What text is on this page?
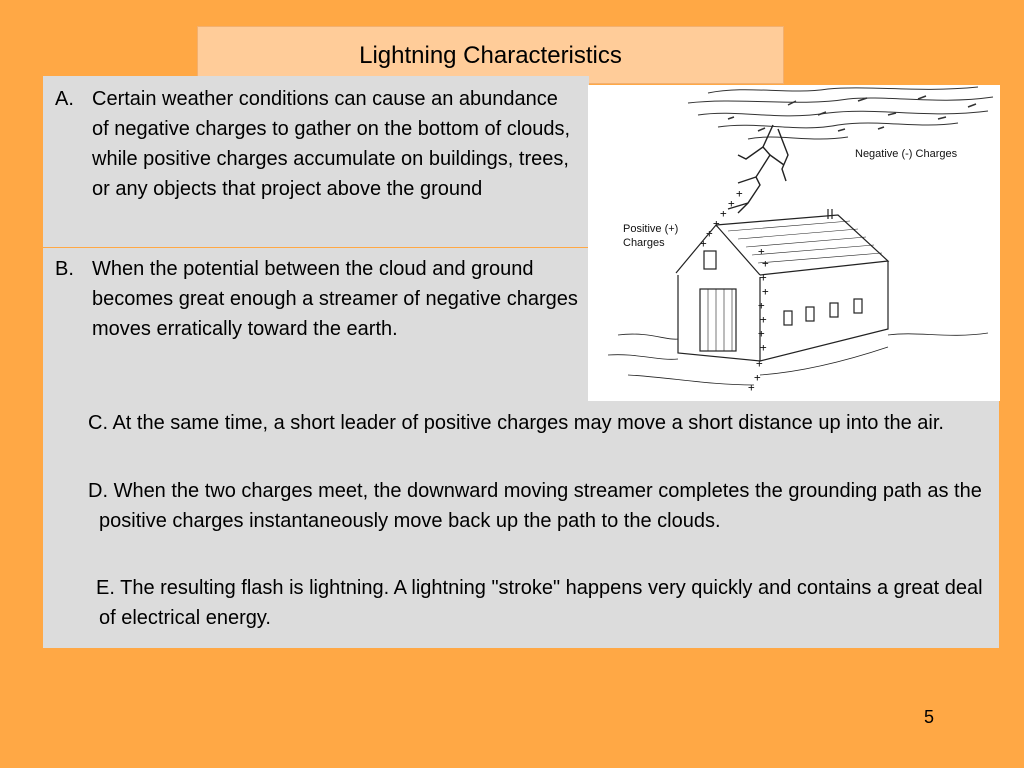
Lightning Characteristics

A. Certain weather conditions can cause an abundance of negative charges to gather on the bottom of clouds, while positive charges accumulate on buildings, trees, or any objects that project above the ground

B. When the potential between the cloud and ground becomes great enough a streamer of negative charges moves erratically toward the earth.

C. At the same time, a short leader of positive charges may move a short distance up into the air.

D. When the two charges meet, the downward moving streamer completes the grounding path as the positive charges instantaneously move back up the path to the clouds.

E. The resulting flash is lightning. A lightning "stroke" happens very quickly and contains a great deal of electrical energy.

+
+
+
+
+
+
+
+
+
+
+
+
+
+
+
+
+
Negative (-) Charges
Positive (+)
Charges
5
